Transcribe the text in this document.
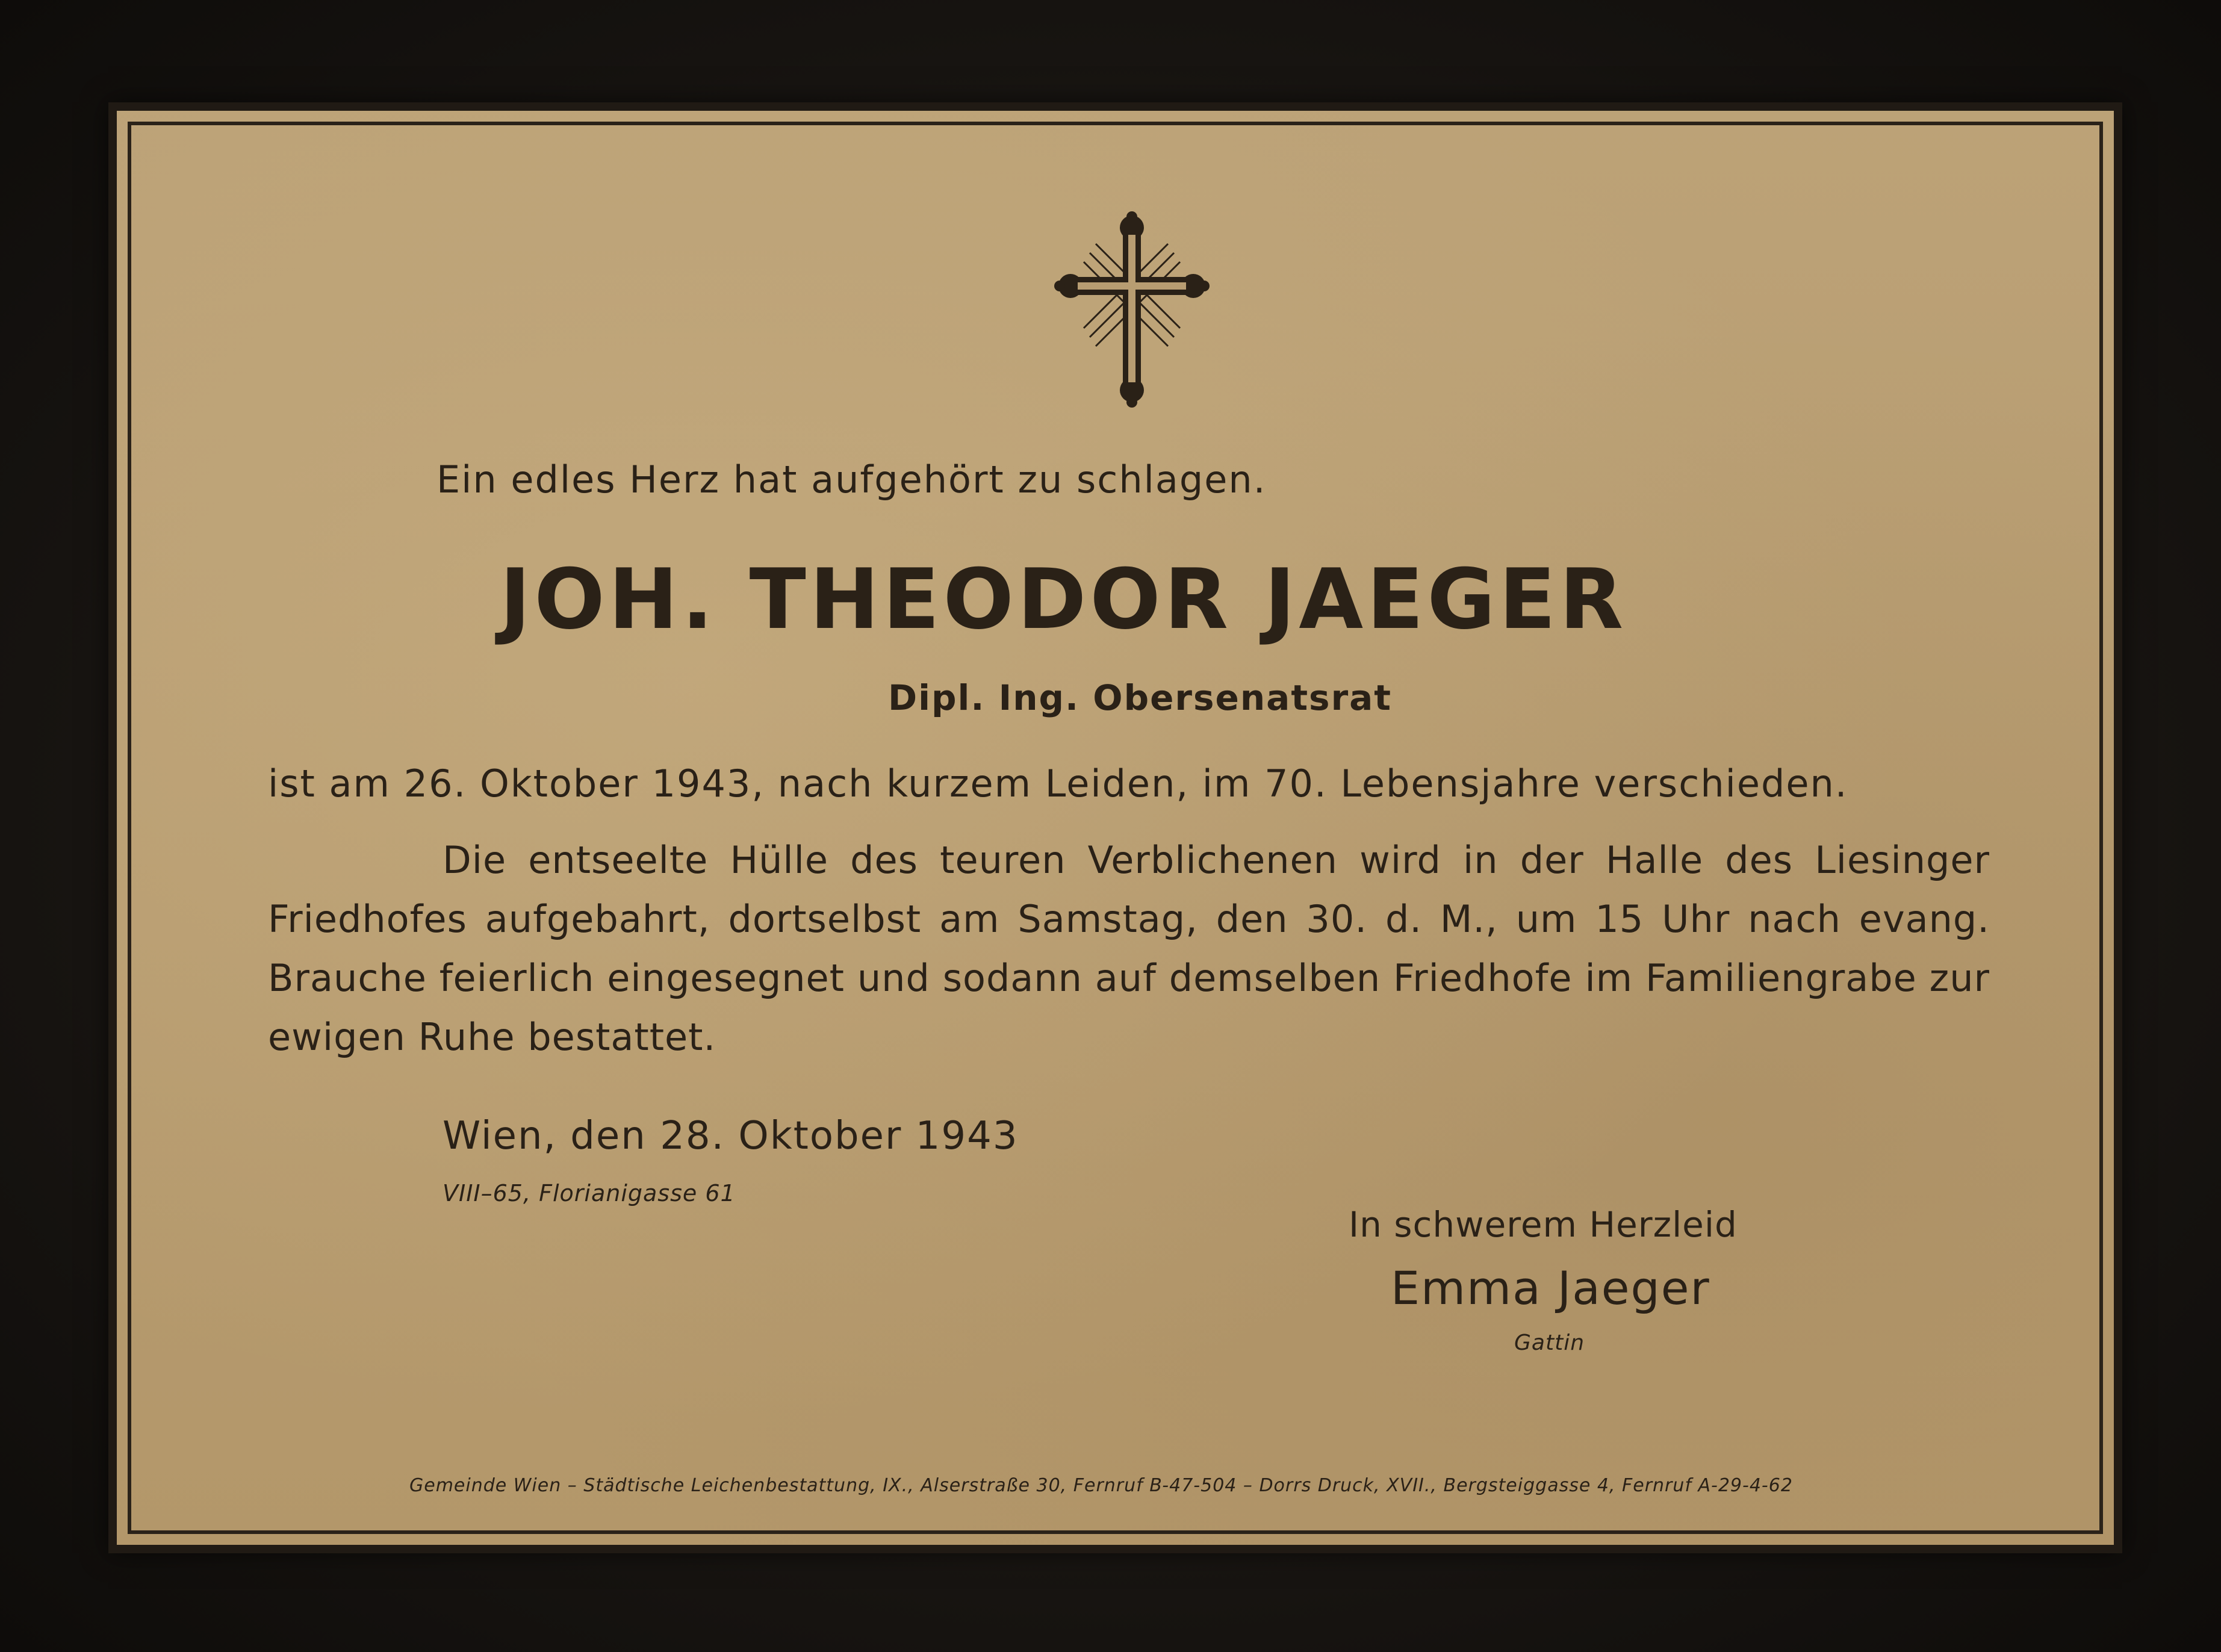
Ein edles Herz hat aufgehört zu schlagen.
JOH. THEODOR JAEGER
Dipl. Ing. Obersenatsrat
ist am 26. Oktober 1943, nach kurzem Leiden, im 70. Lebensjahre verschieden.
Die entseelte Hülle des teuren Verblichenen wird in der Halle des Liesinger Friedhofes aufgebahrt, dortselbst am Samstag, den 30. d. M., um 15 Uhr nach evang. Brauche feierlich eingesegnet und sodann auf demselben Friedhofe im Familiengrabe zur ewigen Ruhe bestattet.
Wien, den 28. Oktober 1943
VIII–65, Florianigasse 61
In schwerem Herzleid
Emma Jaeger
Gattin
Gemeinde Wien – Städtische Leichenbestattung, IX., Alserstraße 30, Fernruf B-47-504 – Dorrs Druck, XVII., Bergsteiggasse 4, Fernruf A-29-4-62
